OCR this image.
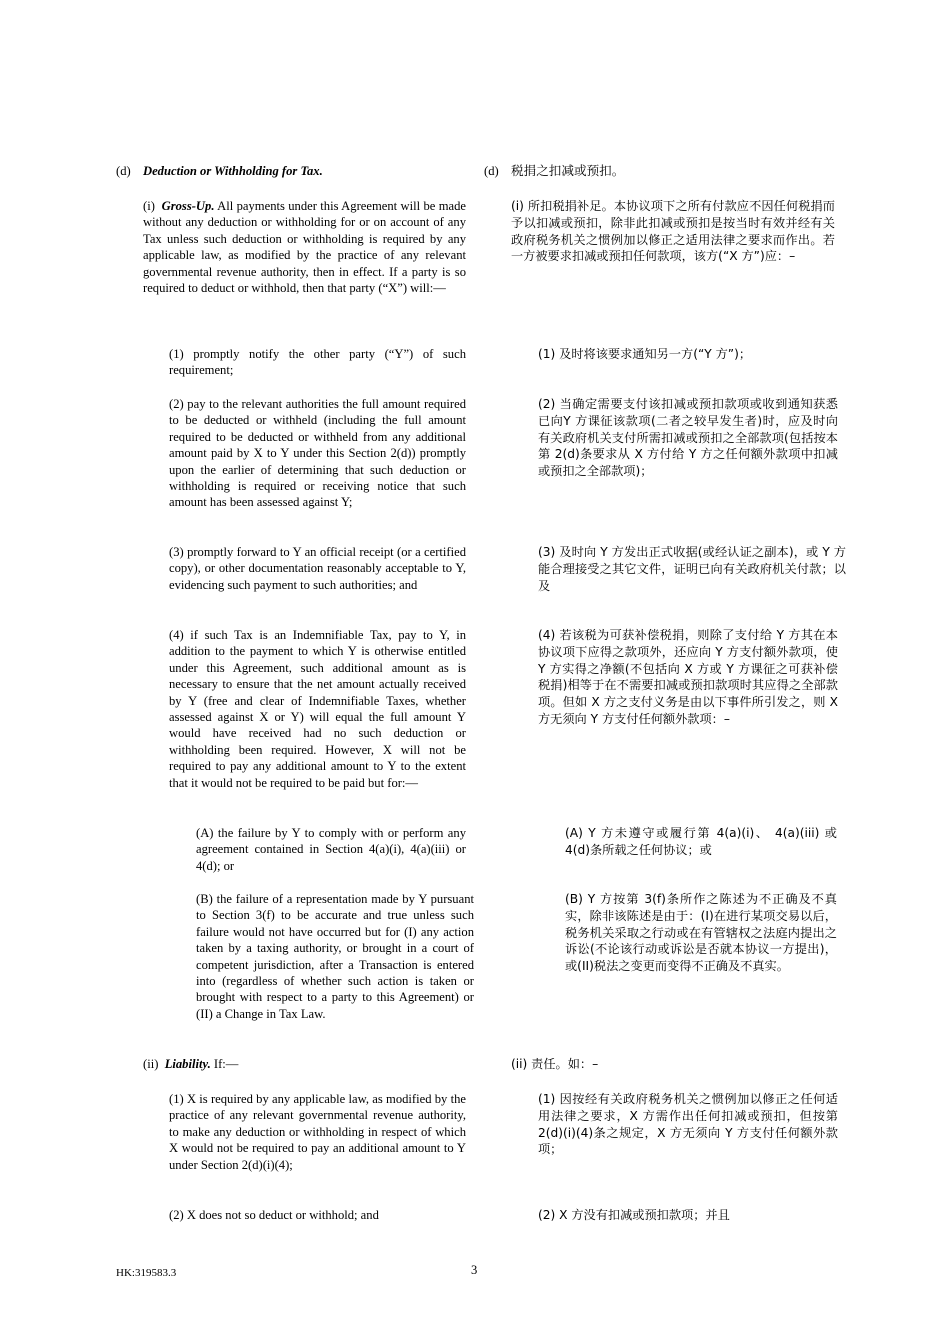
(d) Deduction or Withholding for Tax.

(i) Gross-Up. All payments under this Agreement will be made without any deduction or withholding for or on account of any Tax unless such deduction or withholding is required by any applicable law, as modified by the practice of any relevant governmental revenue authority, then in effect. If a party is so required to deduct or withhold, then that party (“X”) will:—

(1) promptly notify the other party (“Y”) of such requirement;

(2) pay to the relevant authorities the full amount required to be deducted or withheld (including the full amount required to be deducted or withheld from any additional amount paid by X to Y under this Section 2(d)) promptly upon the earlier of determining that such deduction or withholding is required or receiving notice that such amount has been assessed against Y;

(3) promptly forward to Y an official receipt (or a certified copy), or other documentation reasonably acceptable to Y, evidencing such payment to such authorities; and

(4) if such Tax is an Indemnifiable Tax, pay to Y, in addition to the payment to which Y is otherwise entitled under this Agreement, such additional amount as is necessary to ensure that the net amount actually received by Y (free and clear of Indemnifiable Taxes, whether assessed against X or Y) will equal the full amount Y would have received had no such deduction or withholding been required. However, X will not be required to pay any additional amount to Y to the extent that it would not be required to be paid but for:—

(A) the failure by Y to comply with or perform any agreement contained in Section 4(a)(i), 4(a)(iii) or 4(d); or

(B) the failure of a representation made by Y pursuant to Section 3(f) to be accurate and true unless such failure would not have occurred but for (I) any action taken by a taxing authority, or brought in a court of competent jurisdiction, after a Transaction is entered into (regardless of whether such action is taken or brought with respect to a party to this Agreement) or (II) a Change in Tax Law.

(ii) Liability. If:—

(1) X is required by any applicable law, as modified by the practice of any relevant governmental revenue authority, to make any deduction or withholding in respect of which X would not be required to pay an additional amount to Y under Section 2(d)(i)(4);

(2) X does not so deduct or withhold; and

(d) 税捐之扣减或预扣。

(i) 所扣税捐补足。本协议项下之所有付款应不因任何税捐而予以扣减或预扣，除非此扣减或预扣是按当时有效并经有关政府税务机关之惯例加以修正之适用法律之要求而作出。若一方被要求扣减或预扣任何款项，该方(“X 方”)应：–

(1) 及时将该要求通知另一方(“Y 方”)；

(2) 当确定需要支付该扣减或预扣款项或收到通知获悉已向Y 方课征该款项(二者之较早发生者)时，应及时向有关政府机关支付所需扣减或预扣之全部款项(包括按本第 2(d)条要求从 X 方付给 Y 方之任何额外款项中扣减或预扣之全部款项)；

(3) 及时向 Y 方发出正式收据(或经认证之副本)，或 Y 方能合理接受之其它文件，证明已向有关政府机关付款；以及

(4) 若该税为可获补偿税捐，则除了支付给 Y 方其在本协议项下应得之款项外，还应向 Y 方支付额外款项，使 Y 方实得之净额(不包括向 X 方或 Y 方课征之可获补偿税捐)相等于在不需要扣减或预扣款项时其应得之全部款项。但如 X 方之支付义务是由以下事件所引发之，则 X 方无须向 Y 方支付任何额外款项：–

(A) Y 方未遵守或履行第 4(a)(i)、 4(a)(iii) 或 4(d)条所载之任何协议；或

(B) Y 方按第 3(f)条所作之陈述为不正确及不真实，除非该陈述是由于：(I)在进行某项交易以后，税务机关采取之行动或在有管辖权之法庭内提出之诉讼(不论该行动或诉讼是否就本协议一方提出)，或(II)税法之变更而变得不正确及不真实。

(ii) 责任。如：–

(1) 因按经有关政府税务机关之惯例加以修正之任何适用法律之要求，X 方需作出任何扣减或预扣，但按第 2(d)(i)(4)条之规定，X 方无须向 Y 方支付任何额外款项；

(2) X 方没有扣减或预扣款项；并且

HK:319583.3	3
